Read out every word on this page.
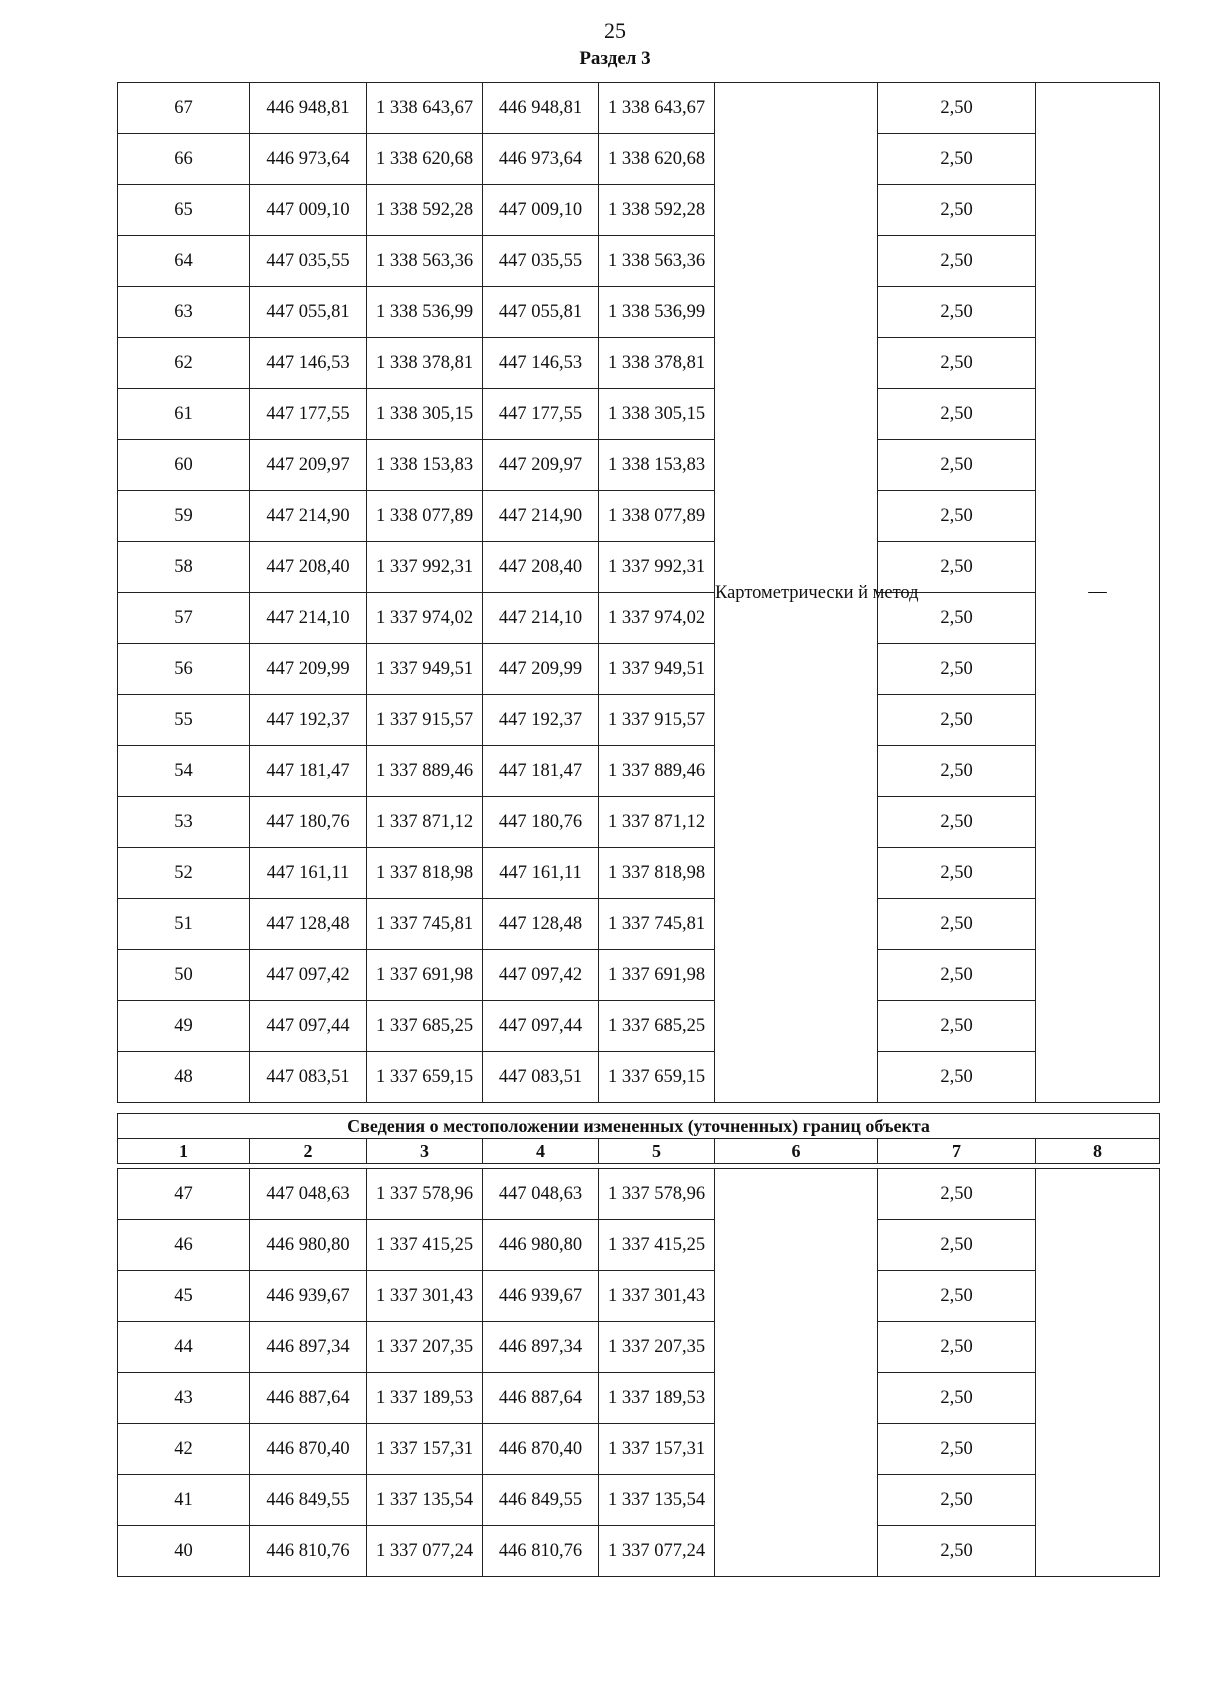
25
Раздел 3
67	446 948,81	1 338 643,67	446 948,81	1 338 643,67	Картометрически й метод	2,50	—
66	446 973,64	1 338 620,68	446 973,64	1 338 620,68		2,50	
65	447 009,10	1 338 592,28	447 009,10	1 338 592,28		2,50	
64	447 035,55	1 338 563,36	447 035,55	1 338 563,36		2,50	
63	447 055,81	1 338 536,99	447 055,81	1 338 536,99		2,50	
62	447 146,53	1 338 378,81	447 146,53	1 338 378,81		2,50	
61	447 177,55	1 338 305,15	447 177,55	1 338 305,15		2,50	
60	447 209,97	1 338 153,83	447 209,97	1 338 153,83		2,50	
59	447 214,90	1 338 077,89	447 214,90	1 338 077,89		2,50	
58	447 208,40	1 337 992,31	447 208,40	1 337 992,31		2,50	
57	447 214,10	1 337 974,02	447 214,10	1 337 974,02		2,50	
56	447 209,99	1 337 949,51	447 209,99	1 337 949,51		2,50	
55	447 192,37	1 337 915,57	447 192,37	1 337 915,57		2,50	
54	447 181,47	1 337 889,46	447 181,47	1 337 889,46		2,50	
53	447 180,76	1 337 871,12	447 180,76	1 337 871,12		2,50	
52	447 161,11	1 337 818,98	447 161,11	1 337 818,98		2,50	
51	447 128,48	1 337 745,81	447 128,48	1 337 745,81		2,50	
50	447 097,42	1 337 691,98	447 097,42	1 337 691,98		2,50	
49	447 097,44	1 337 685,25	447 097,44	1 337 685,25		2,50	
48	447 083,51	1 337 659,15	447 083,51	1 337 659,15		2,50	
Сведения о местоположении измененных (уточненных) границ объекта
1	2	3	4	5	6	7	8
47	447 048,63	1 337 578,96	447 048,63	1 337 578,96		2,50	
46	446 980,80	1 337 415,25	446 980,80	1 337 415,25		2,50	
45	446 939,67	1 337 301,43	446 939,67	1 337 301,43		2,50	
44	446 897,34	1 337 207,35	446 897,34	1 337 207,35		2,50	
43	446 887,64	1 337 189,53	446 887,64	1 337 189,53		2,50	
42	446 870,40	1 337 157,31	446 870,40	1 337 157,31		2,50	
41	446 849,55	1 337 135,54	446 849,55	1 337 135,54		2,50	
40	446 810,76	1 337 077,24	446 810,76	1 337 077,24		2,50	
